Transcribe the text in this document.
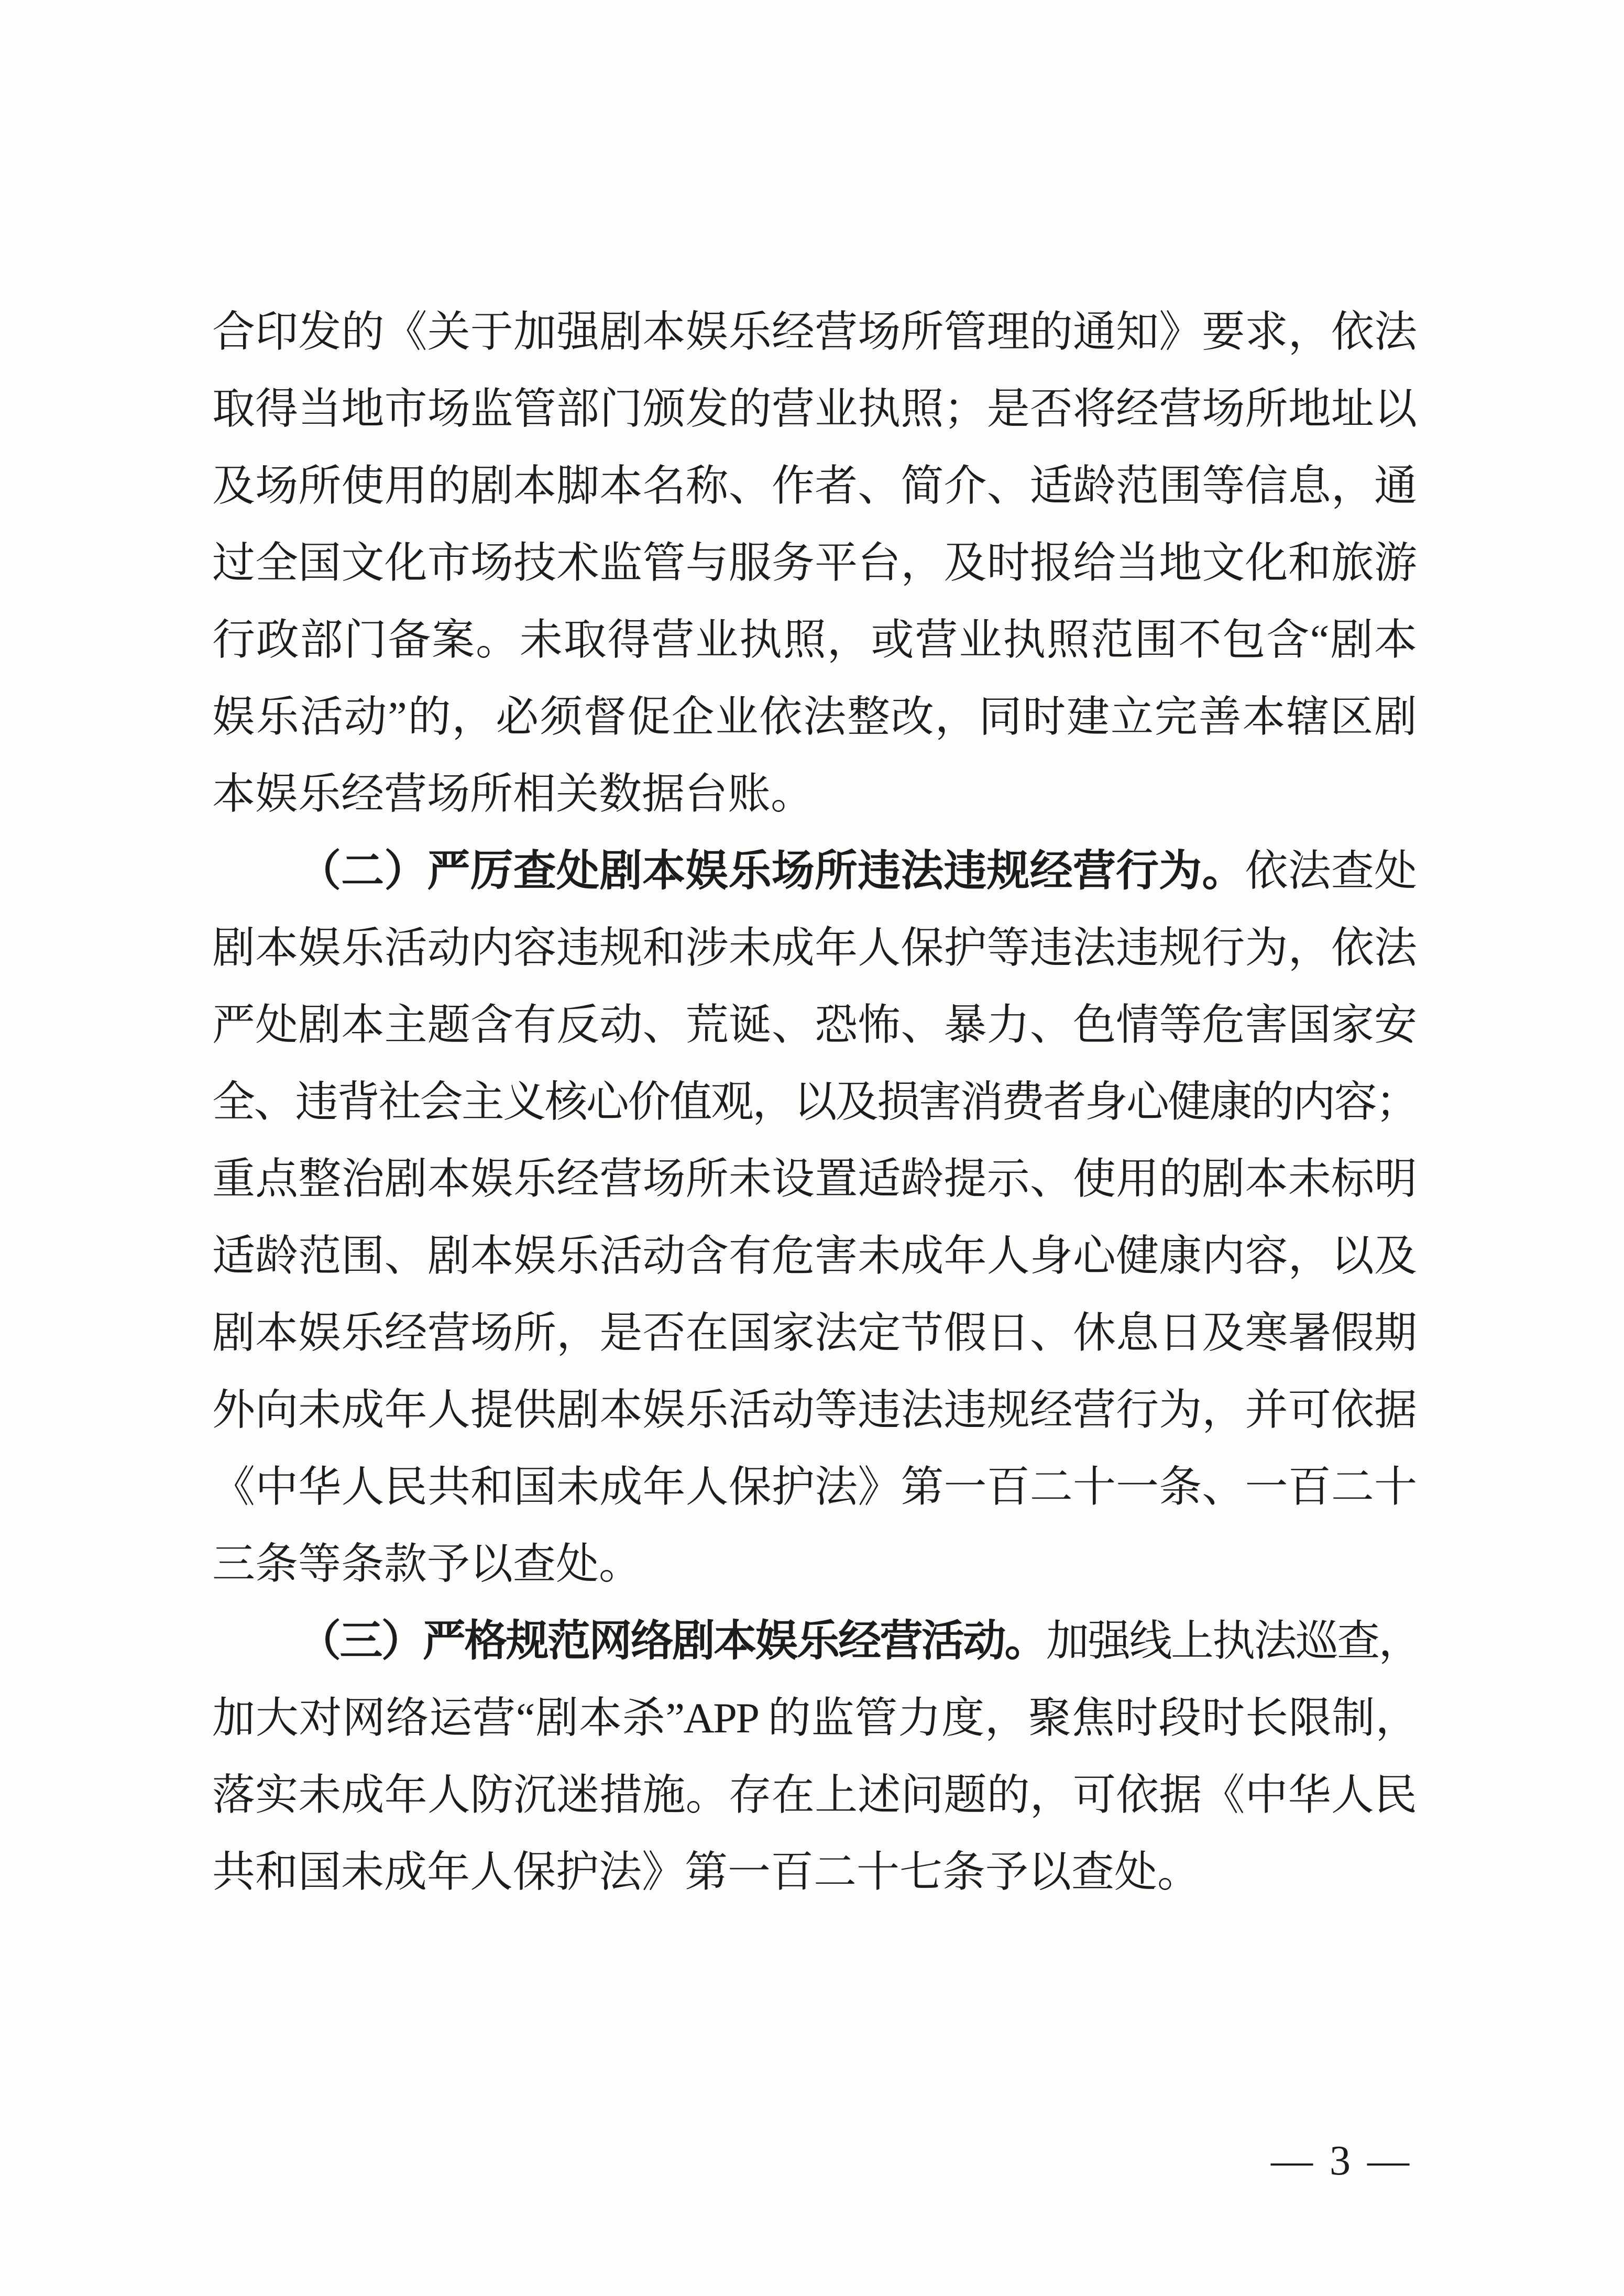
合印发的《关于加强剧本娱乐经营场所管理的通知》要求，依法
取得当地市场监管部门颁发的营业执照；是否将经营场所地址以
及场所使用的剧本脚本名称、作者、简介、适龄范围等信息，通
过全国文化市场技术监管与服务平台，及时报给当地文化和旅游
行政部门备案。未取得营业执照，或营业执照范围不包含“剧本
娱乐活动”的，必须督促企业依法整改，同时建立完善本辖区剧
本娱乐经营场所相关数据台账。
（二）严厉查处剧本娱乐场所违法违规经营行为。依法查处
剧本娱乐活动内容违规和涉未成年人保护等违法违规行为，依法
严处剧本主题含有反动、荒诞、恐怖、暴力、色情等危害国家安
全、违背社会主义核心价值观，以及损害消费者身心健康的内容；
重点整治剧本娱乐经营场所未设置适龄提示、使用的剧本未标明
适龄范围、剧本娱乐活动含有危害未成年人身心健康内容，以及
剧本娱乐经营场所，是否在国家法定节假日、休息日及寒暑假期
外向未成年人提供剧本娱乐活动等违法违规经营行为，并可依据
《中华人民共和国未成年人保护法》第一百二十一条、一百二十
三条等条款予以查处。
（三）严格规范网络剧本娱乐经营活动。加强线上执法巡查，
加大对网络运营“剧本杀”APP 的监管力度，聚焦时段时长限制，
落实未成年人防沉迷措施。存在上述问题的，可依据《中华人民
共和国未成年人保护法》第一百二十七条予以查处。
— 3 —
